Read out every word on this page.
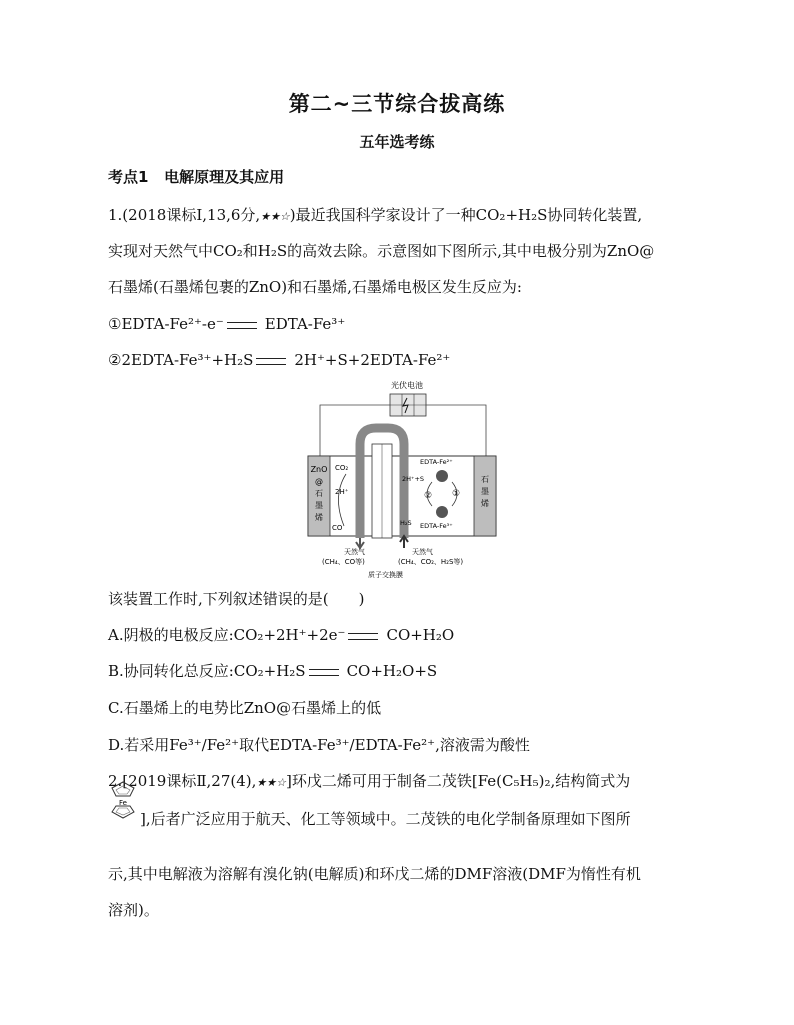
第二~三节综合拔高练
五年选考练
考点1 电解原理及其应用
1.(2018课标Ⅰ,13,6分,★★☆)最近我国科学家设计了一种CO₂+H₂S协同转化装置,
实现对天然气中CO₂和H₂S的高效去除。示意图如下图所示,其中电极分别为ZnO@
石墨烯(石墨烯包裹的ZnO)和石墨烯,石墨烯电极区发生反应为:
①EDTA-Fe²⁺-e⁻	EDTA-Fe³⁺
②2EDTA-Fe³⁺+H₂S	2H⁺+S+2EDTA-Fe²⁺
光伏电池
ZnO
@
石
墨
烯
石
墨
烯
CO₂
2H⁺
CO
EDTA-Fe²⁺
2H⁺+S
EDTA-Fe³⁺
H₂S
② ①
天然气
(CH₄、CO等)
天然气
(CH₄、CO₂、H₂S等)
质子交换膜
该装置工作时,下列叙述错误的是(　　)
A.阴极的电极反应:CO₂+2H⁺+2e⁻	CO+H₂O
B.协同转化总反应:CO₂+H₂S	CO+H₂O+S
C.石墨烯上的电势比ZnO@石墨烯上的低
D.若采用Fe³⁺/Fe²⁺取代EDTA-Fe³⁺/EDTA-Fe²⁺,溶液需为酸性
2.[2019课标Ⅱ,27(4),★★☆]环戊二烯可用于制备二茂铁[Fe(C₅H₅)₂,结构简式为
Fe
],后者广泛应用于航天、化工等领域中。二茂铁的电化学制备原理如下图所
示,其中电解液为溶解有溴化钠(电解质)和环戊二烯的DMF溶液(DMF为惰性有机
溶剂)。
